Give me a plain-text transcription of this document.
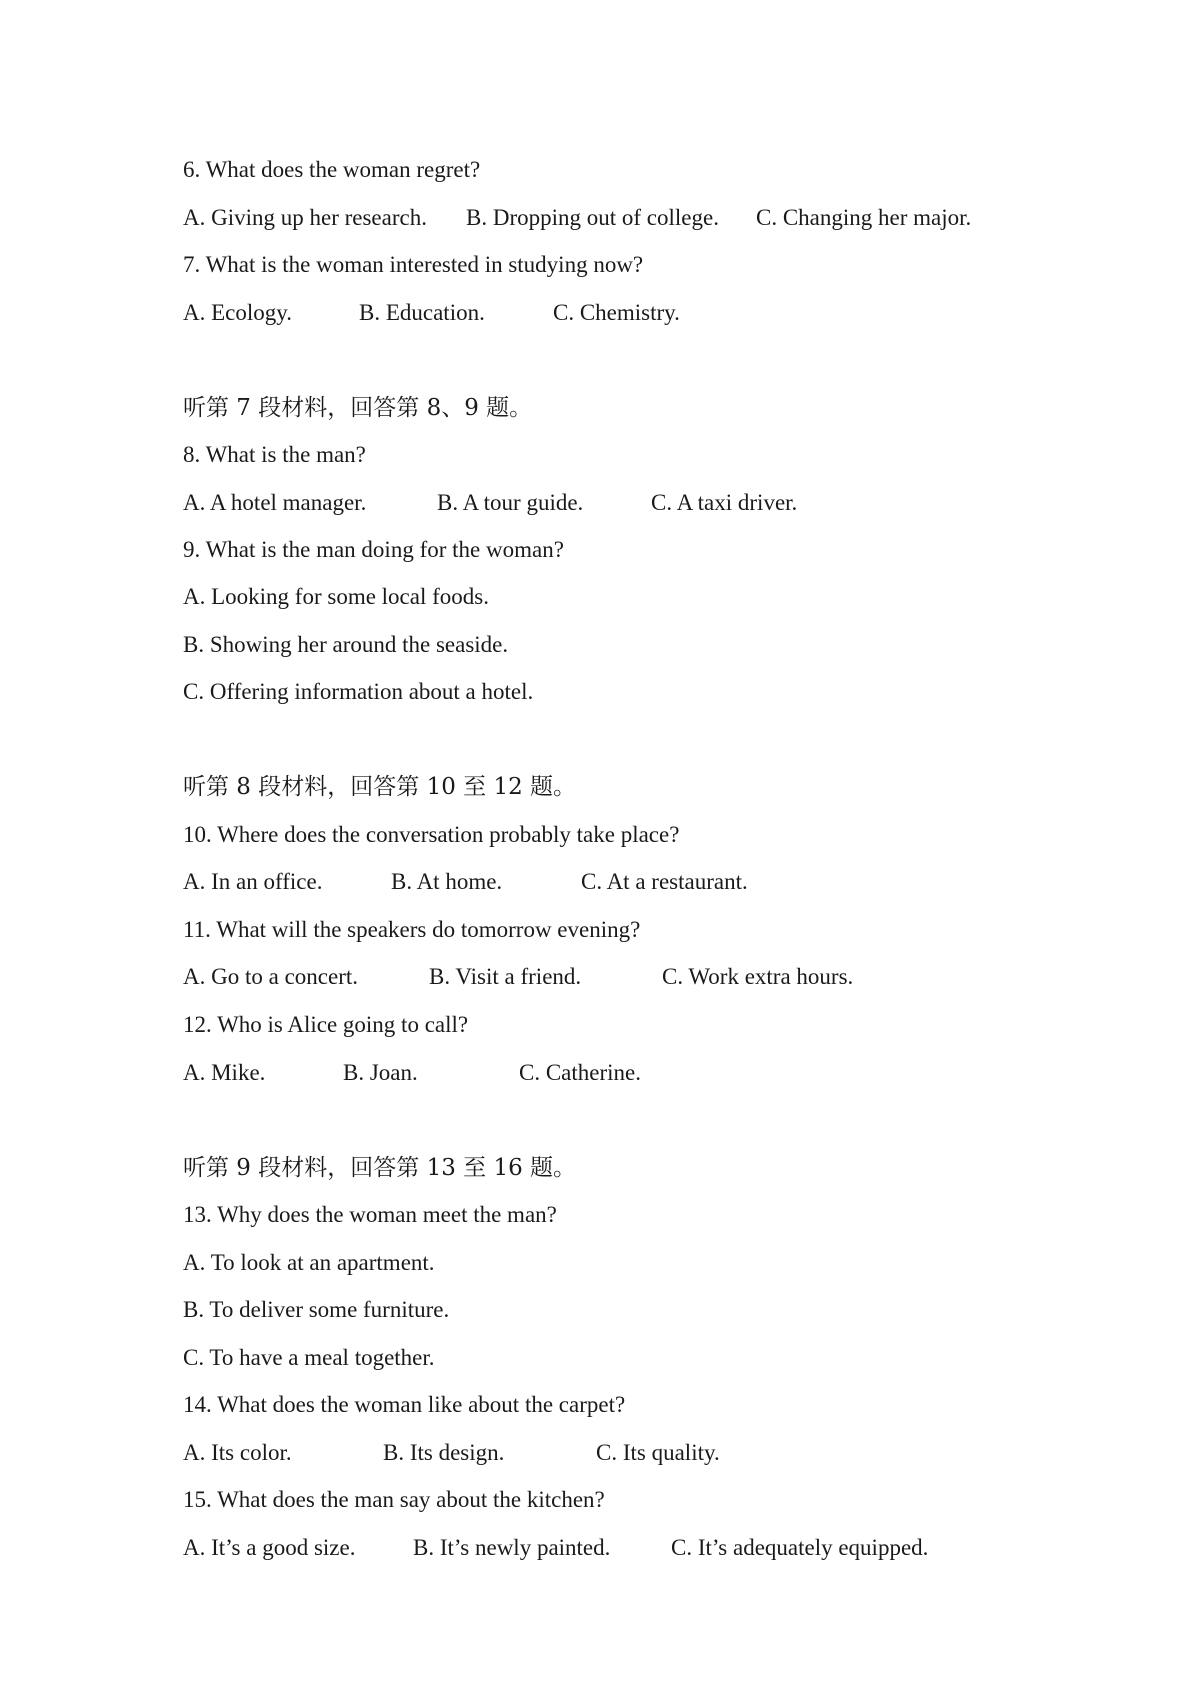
6. What does the woman regret?
A. Giving up her research. B. Dropping out of college. C. Changing her major.
7. What is the woman interested in studying now?
A. Ecology.	B. Education.	C. Chemistry.
听第 7 段材料，回答第 8、9 题。
8. What is the man?
A. A hotel manager.	B. A tour guide.	C. A taxi driver.
9. What is the man doing for the woman?
A. Looking for some local foods.
B. Showing her around the seaside.
C. Offering information about a hotel.
听第 8 段材料，回答第 10 至 12 题。
10. Where does the conversation probably take place?
A. In an office.	B. At home.	C. At a restaurant.
11. What will the speakers do tomorrow evening?
A. Go to a concert.	B. Visit a friend.	C. Work extra hours.
12. Who is Alice going to call?
A. Mike.	B. Joan.	C. Catherine.
听第 9 段材料，回答第 13 至 16 题。
13. Why does the woman meet the man?
A. To look at an apartment.
B. To deliver some furniture.
C. To have a meal together.
14. What does the woman like about the carpet?
A. Its color.	B. Its design.	C. Its quality.
15. What does the man say about the kitchen?
A. It’s a good size.	B. It’s newly painted.	C. It’s adequately equipped.
